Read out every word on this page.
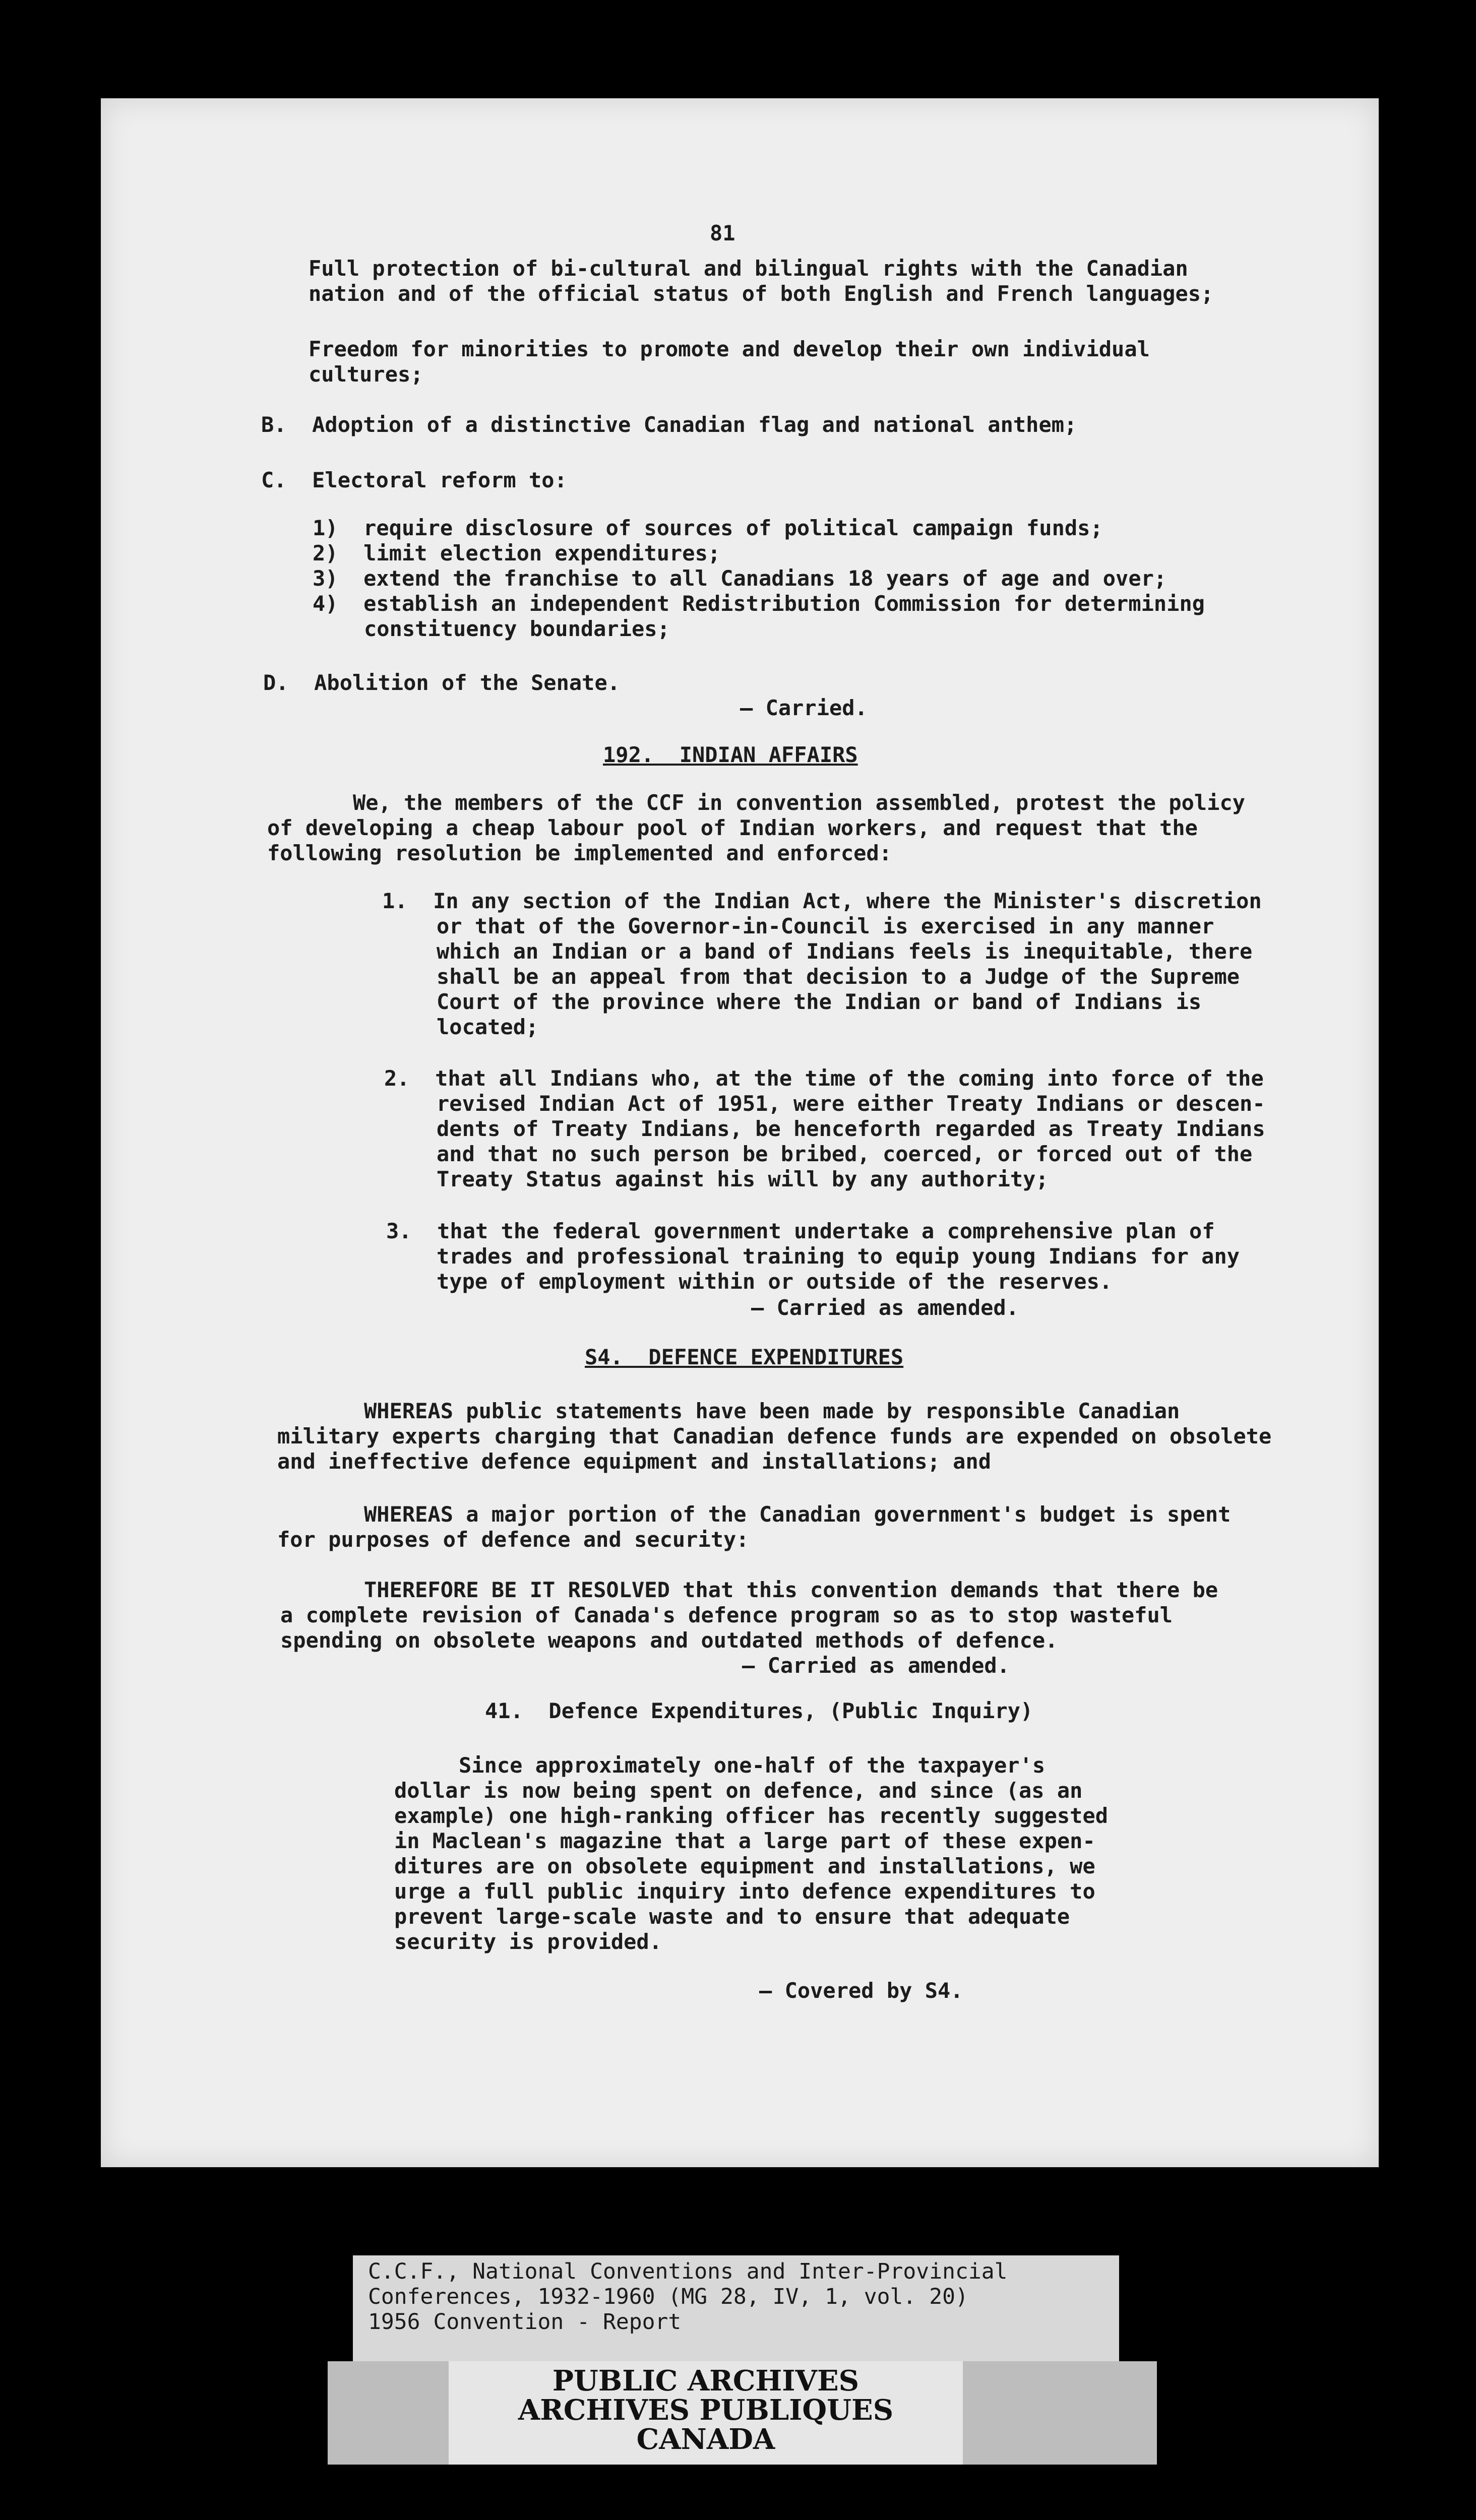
81
Full protection of bi-cultural and bilingual rights with the Canadian
nation and of the official status of both English and French languages;
Freedom for minorities to promote and develop their own individual
cultures;
B.  Adoption of a distinctive Canadian flag and national anthem;
C.  Electoral reform to:
1)  require disclosure of sources of political campaign funds;
2)  limit election expenditures;
3)  extend the franchise to all Canadians 18 years of age and over;
4)  establish an independent Redistribution Commission for determining
constituency boundaries;
D.  Abolition of the Senate.
— Carried.
192.  INDIAN AFFAIRS
We, the members of the CCF in convention assembled, protest the policy
of developing a cheap labour pool of Indian workers, and request that the
following resolution be implemented and enforced:
1.  In any section of the Indian Act, where the Minister's discretion
or that of the Governor-in-Council is exercised in any manner
which an Indian or a band of Indians feels is inequitable, there
shall be an appeal from that decision to a Judge of the Supreme
Court of the province where the Indian or band of Indians is
located;
2.  that all Indians who, at the time of the coming into force of the
revised Indian Act of 1951, were either Treaty Indians or descen-
dents of Treaty Indians, be henceforth regarded as Treaty Indians
and that no such person be bribed, coerced, or forced out of the
Treaty Status against his will by any authority;
3.  that the federal government undertake a comprehensive plan of
trades and professional training to equip young Indians for any
type of employment within or outside of the reserves.
— Carried as amended.
S4.  DEFENCE EXPENDITURES
WHEREAS public statements have been made by responsible Canadian
military experts charging that Canadian defence funds are expended on obsolete
and ineffective defence equipment and installations; and
WHEREAS a major portion of the Canadian government's budget is spent
for purposes of defence and security:
THEREFORE BE IT RESOLVED that this convention demands that there be
a complete revision of Canada's defence program so as to stop wasteful
spending on obsolete weapons and outdated methods of defence.
— Carried as amended.
41.  Defence Expenditures, (Public Inquiry)
Since approximately one-half of the taxpayer's
dollar is now being spent on defence, and since (as an
example) one high-ranking officer has recently suggested
in Maclean's magazine that a large part of these expen-
ditures are on obsolete equipment and installations, we
urge a full public inquiry into defence expenditures to
prevent large-scale waste and to ensure that adequate
security is provided.
— Covered by S4.
C.C.F., National Conventions and Inter-Provincial
Conferences, 1932-1960 (MG 28, IV, 1, vol. 20)
1956 Convention - Report
PUBLIC ARCHIVES
ARCHIVES PUBLIQUES
CANADA
